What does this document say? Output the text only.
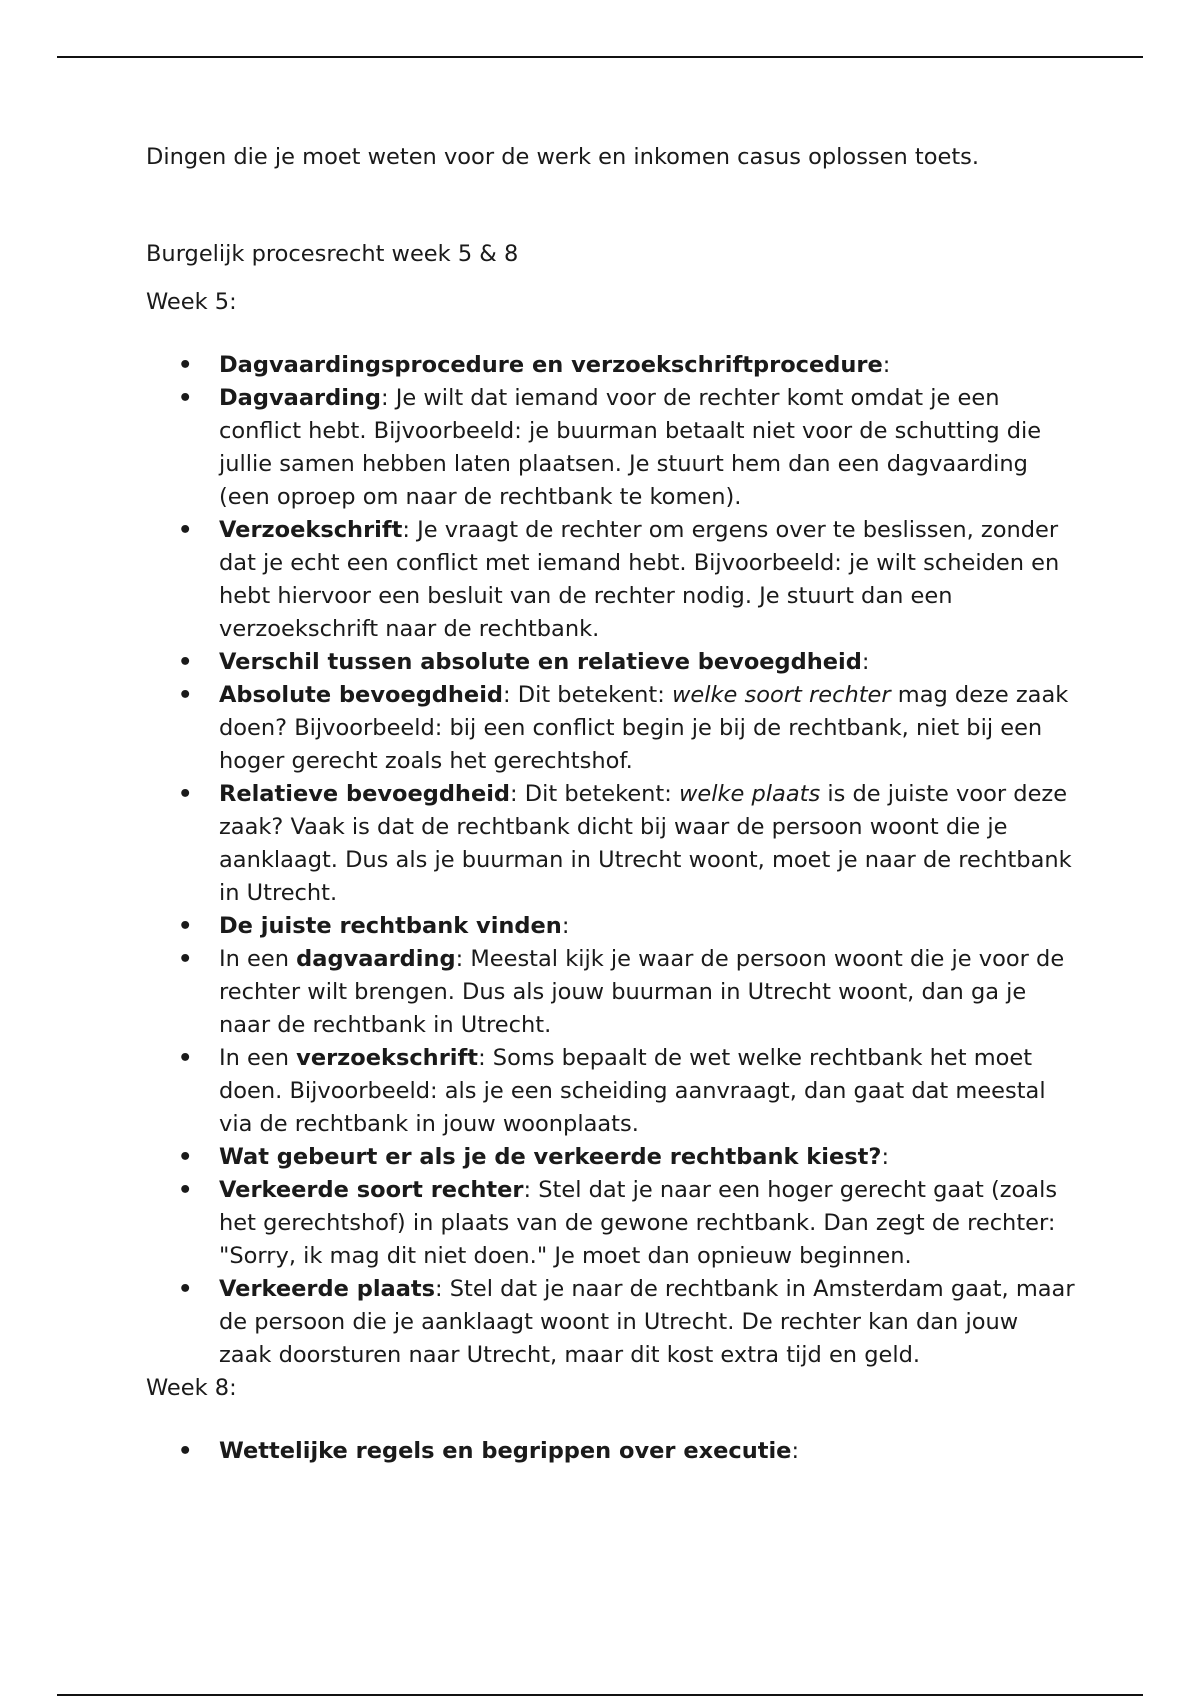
Dingen die je moet weten voor de werk en inkomen casus oplossen toets.

Burgelijk procesrecht week 5 & 8

Week 5:

• Dagvaardingsprocedure en verzoekschriftprocedure:
• Dagvaarding: Je wilt dat iemand voor de rechter komt omdat je een conflict hebt. Bijvoorbeeld: je buurman betaalt niet voor de schutting die jullie samen hebben laten plaatsen. Je stuurt hem dan een dagvaarding (een oproep om naar de rechtbank te komen).
• Verzoekschrift: Je vraagt de rechter om ergens over te beslissen, zonder dat je echt een conflict met iemand hebt. Bijvoorbeeld: je wilt scheiden en hebt hiervoor een besluit van de rechter nodig. Je stuurt dan een verzoekschrift naar de rechtbank.
• Verschil tussen absolute en relatieve bevoegdheid:
• Absolute bevoegdheid: Dit betekent: welke soort rechter mag deze zaak doen? Bijvoorbeeld: bij een conflict begin je bij de rechtbank, niet bij een hoger gerecht zoals het gerechtshof.
• Relatieve bevoegdheid: Dit betekent: welke plaats is de juiste voor deze zaak? Vaak is dat de rechtbank dicht bij waar de persoon woont die je aanklaagt. Dus als je buurman in Utrecht woont, moet je naar de rechtbank in Utrecht.
• De juiste rechtbank vinden:
• In een dagvaarding: Meestal kijk je waar de persoon woont die je voor de rechter wilt brengen. Dus als jouw buurman in Utrecht woont, dan ga je naar de rechtbank in Utrecht.
• In een verzoekschrift: Soms bepaalt de wet welke rechtbank het moet doen. Bijvoorbeeld: als je een scheiding aanvraagt, dan gaat dat meestal via de rechtbank in jouw woonplaats.
• Wat gebeurt er als je de verkeerde rechtbank kiest?:
• Verkeerde soort rechter: Stel dat je naar een hoger gerecht gaat (zoals het gerechtshof) in plaats van de gewone rechtbank. Dan zegt de rechter: "Sorry, ik mag dit niet doen." Je moet dan opnieuw beginnen.
• Verkeerde plaats: Stel dat je naar de rechtbank in Amsterdam gaat, maar de persoon die je aanklaagt woont in Utrecht. De rechter kan dan jouw zaak doorsturen naar Utrecht, maar dit kost extra tijd en geld.

Week 8:

• Wettelijke regels en begrippen over executie:
